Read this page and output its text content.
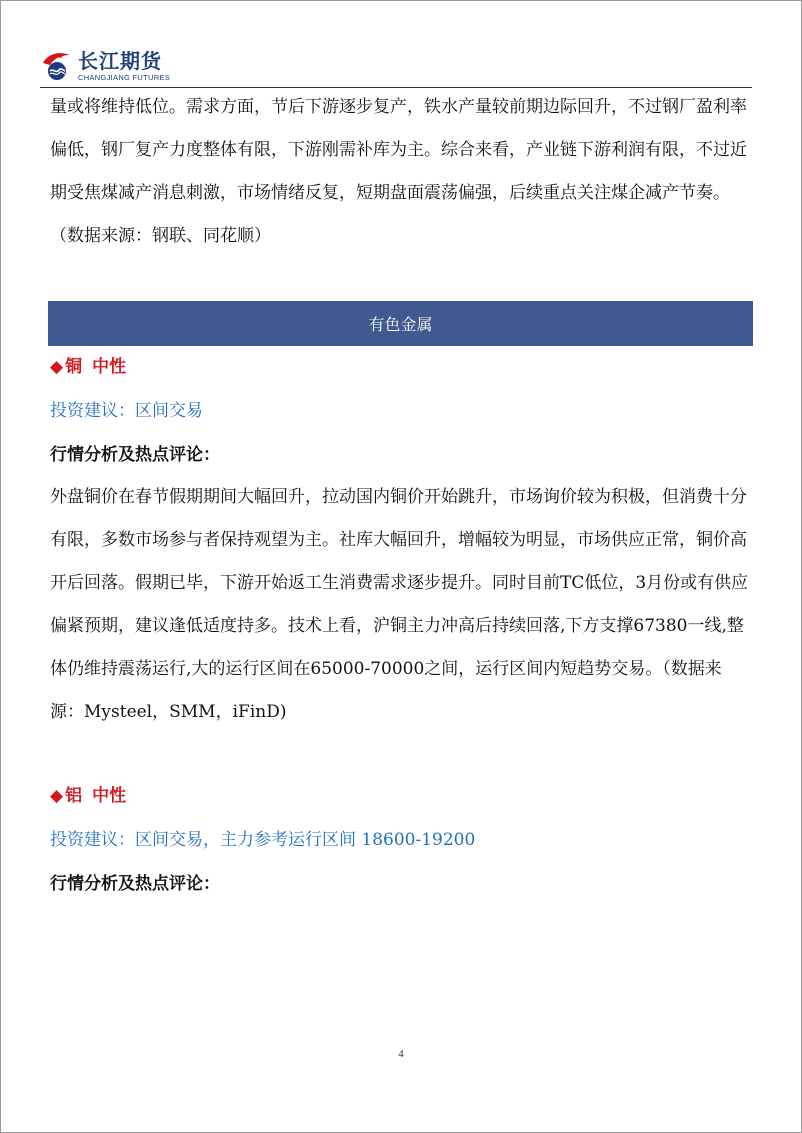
长江期货
CHANGJIANG FUTURES

量或将维持低位。需求方面，节后下游逐步复产，铁水产量较前期边际回升，不过钢厂盈利率偏低，钢厂复产力度整体有限，下游刚需补库为主。综合来看，产业链下游利润有限，不过近期受焦煤减产消息刺激，市场情绪反复，短期盘面震荡偏强，后续重点关注煤企减产节奏。（数据来源：钢联、同花顺）

有色金属
◆ 铜 中性
投资建议：区间交易
行情分析及热点评论：

外盘铜价在春节假期期间大幅回升，拉动国内铜价开始跳升，市场询价较为积极，但消费十分有限，多数市场参与者保持观望为主。社库大幅回升，增幅较为明显，市场供应正常，铜价高开后回落。假期已毕，下游开始返工生消费需求逐步提升。同时目前TC低位，3月份或有供应偏紧预期，建议逢低适度持多。技术上看，沪铜主力冲高后持续回落,下方支撑67380一线,整体仍维持震荡运行,大的运行区间在65000-70000之间，运行区间内短趋势交易。（数据来源：Mysteel，SMM，iFinD)

◆ 铝 中性
投资建议：区间交易，主力参考运行区间 18600-19200
行情分析及热点评论：
4
